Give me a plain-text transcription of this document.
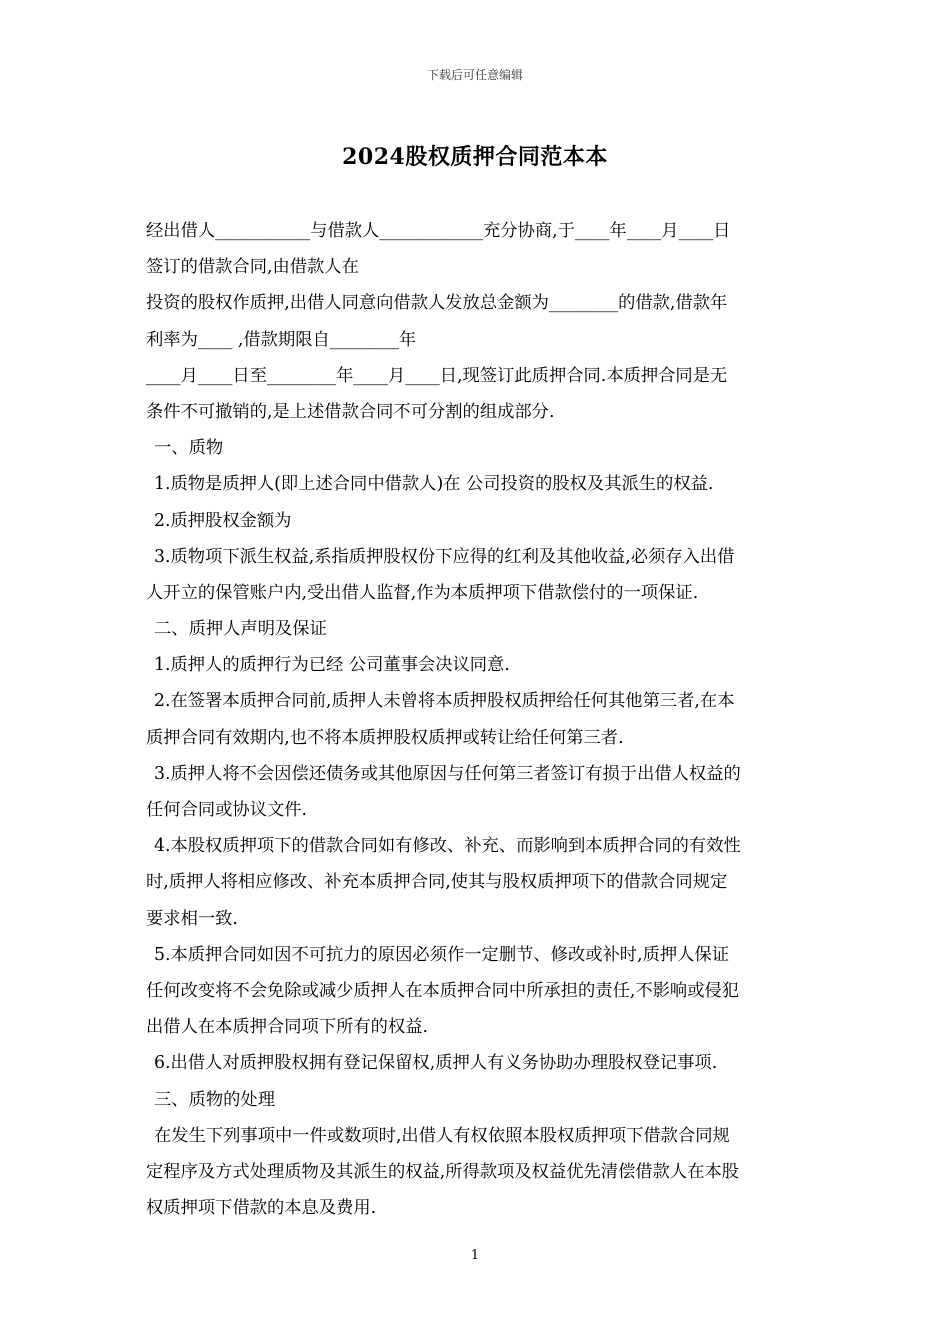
下载后可任意编辑
2024股权质押合同范本本
经出借人___________与借款人____________充分协商,于____年____月____日
签订的借款合同,由借款人在
投资的股权作质押,出借人同意向借款人发放总金额为________的借款,借款年
利率为____ ,借款期限自________年
____月____日至________年____月____日,现签订此质押合同.本质押合同是无
条件不可撤销的,是上述借款合同不可分割的组成部分.
一、质物
1.质物是质押人(即上述合同中借款人)在 公司投资的股权及其派生的权益.
2.质押股权金额为
3.质物项下派生权益,系指质押股权份下应得的红利及其他收益,必须存入出借
人开立的保管账户内,受出借人监督,作为本质押项下借款偿付的一项保证.
二、质押人声明及保证
1.质押人的质押行为已经 公司董事会决议同意.
2.在签署本质押合同前,质押人未曾将本质押股权质押给任何其他第三者,在本
质押合同有效期内,也不将本质押股权质押或转让给任何第三者.
3.质押人将不会因偿还债务或其他原因与任何第三者签订有损于出借人权益的
任何合同或协议文件.
4.本股权质押项下的借款合同如有修改、补充、而影响到本质押合同的有效性
时,质押人将相应修改、补充本质押合同,使其与股权质押项下的借款合同规定
要求相一致.
5.本质押合同如因不可抗力的原因必须作一定删节、修改或补时,质押人保证
任何改变将不会免除或减少质押人在本质押合同中所承担的责任,不影响或侵犯
出借人在本质押合同项下所有的权益.
6.出借人对质押股权拥有登记保留权,质押人有义务协助办理股权登记事项.
三、质物的处理
在发生下列事项中一件或数项时,出借人有权依照本股权质押项下借款合同规
定程序及方式处理质物及其派生的权益,所得款项及权益优先清偿借款人在本股
权质押项下借款的本息及费用.
1
